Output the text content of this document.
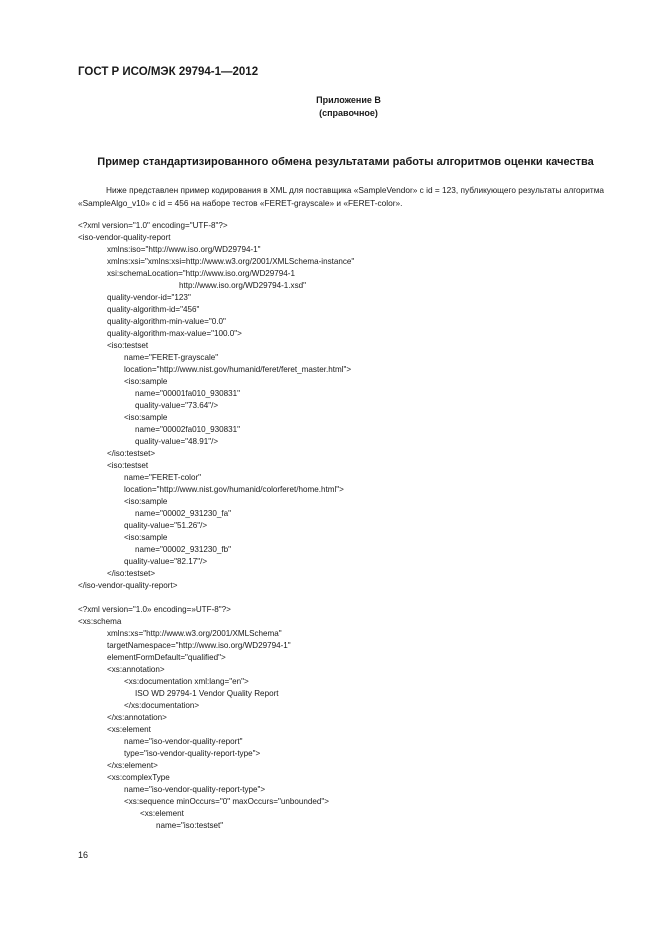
ГОСТ Р ИСО/МЭК 29794-1—2012
Приложение В
(справочное)
Пример стандартизированного обмена результатами работы алгоритмов оценки качества
Ниже представлен пример кодирования в XML для поставщика «SampleVendor» с id = 123, публикующего результаты алгоритма «SampleAlgo_v10» с id = 456 на наборе тестов «FERET-grayscale» и «FERET-color».
<?xml version="1.0" encoding="UTF-8"?>
<iso-vendor-quality-report
xmlns:iso="http://www.iso.org/WD29794-1"
xmlns:xsi="xmlns:xsi=http://www.w3.org/2001/XMLSchema-instance"
xsi:schemaLocation="http://www.iso.org/WD29794-1
http://www.iso.org/WD29794-1.xsd"
quality-vendor-id="123"
quality-algorithm-id="456"
quality-algorithm-min-value="0.0"
quality-algorithm-max-value="100.0">
<iso:testset
name="FERET-grayscale"
location="http://www.nist.gov/humanid/feret/feret_master.html">
<iso:sample
name="00001fa010_930831"
quality-value="73.64"/>
<iso:sample
name="00002fa010_930831"
quality-value="48.91"/>
</iso:testset>
<iso:testset
name="FERET-color"
location="http://www.nist.gov/humanid/colorferet/home.html">
<iso:sample
name="00002_931230_fa"
quality-value="51.26"/>
<iso:sample
name="00002_931230_fb"
quality-value="82.17"/>
</iso:testset>
</iso-vendor-quality-report>
<?xml version="1.0» encoding=»UTF-8"?>
<xs:schema
xmlns:xs="http://www.w3.org/2001/XMLSchema"
targetNamespace="http://www.iso.org/WD29794-1"
elementFormDefault="qualified">
<xs:annotation>
<xs:documentation xml:lang="en">
ISO WD 29794-1 Vendor Quality Report
</xs:documentation>
</xs:annotation>
<xs:element
name="iso-vendor-quality-report"
type="iso-vendor-quality-report-type">
</xs:element>
<xs:complexType
name="iso-vendor-quality-report-type">
<xs:sequence minOccurs="0" maxOccurs="unbounded">
<xs:element
name="iso:testset"
16
